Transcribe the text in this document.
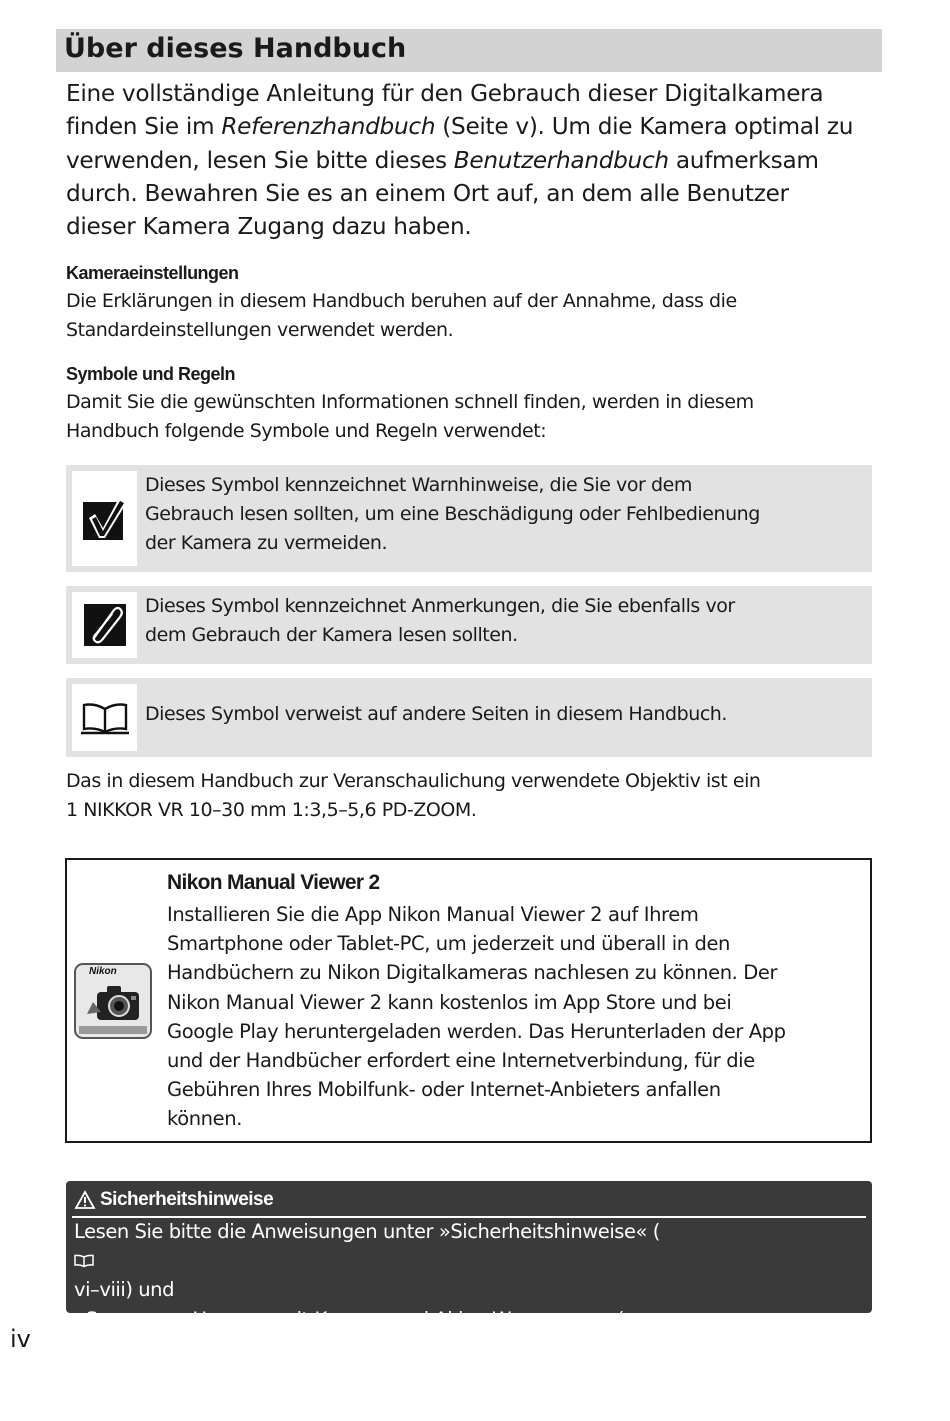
Über dieses Handbuch
Eine vollständige Anleitung für den Gebrauch dieser Digitalkamera
finden Sie im Referenzhandbuch (Seite v). Um die Kamera optimal zu
verwenden, lesen Sie bitte dieses Benutzerhandbuch aufmerksam
durch. Bewahren Sie es an einem Ort auf, an dem alle Benutzer
dieser Kamera Zugang dazu haben.
Kameraeinstellungen
Die Erklärungen in diesem Handbuch beruhen auf der Annahme, dass die
Standardeinstellungen verwendet werden.
Symbole und Regeln
Damit Sie die gewünschten Informationen schnell finden, werden in diesem
Handbuch folgende Symbole und Regeln verwendet:
Dieses Symbol kennzeichnet Warnhinweise, die Sie vor dem
Gebrauch lesen sollten, um eine Beschädigung oder Fehlbedienung
der Kamera zu vermeiden.
Dieses Symbol kennzeichnet Anmerkungen, die Sie ebenfalls vor
dem Gebrauch der Kamera lesen sollten.
Dieses Symbol verweist auf andere Seiten in diesem Handbuch.
Das in diesem Handbuch zur Veranschaulichung verwendete Objektiv ist ein
1 NIKKOR VR 10–30 mm 1:3,5–5,6 PD-ZOOM.
Nikon
Nikon Manual Viewer 2
Installieren Sie die App Nikon Manual Viewer 2 auf Ihrem
Smartphone oder Tablet-PC, um jederzeit und überall in den
Handbüchern zu Nikon Digitalkameras nachlesen zu können. Der
Nikon Manual Viewer 2 kann kostenlos im App Store und bei
Google Play heruntergeladen werden. Das Herunterladen der App
und der Handbücher erfordert eine Internetverbindung, für die
Gebühren Ihres Mobilfunk- oder Internet-Anbieters anfallen
können.
Sicherheitshinweise
Lesen Sie bitte die Anweisungen unter »Sicherheitshinweise« (
vi–viii) und
»Sorgsamer Umgang mit Kamera und Akku: Warnungen« (
106) durch,
bevor Sie die Kamera zum ersten Mal verwenden.
iv
